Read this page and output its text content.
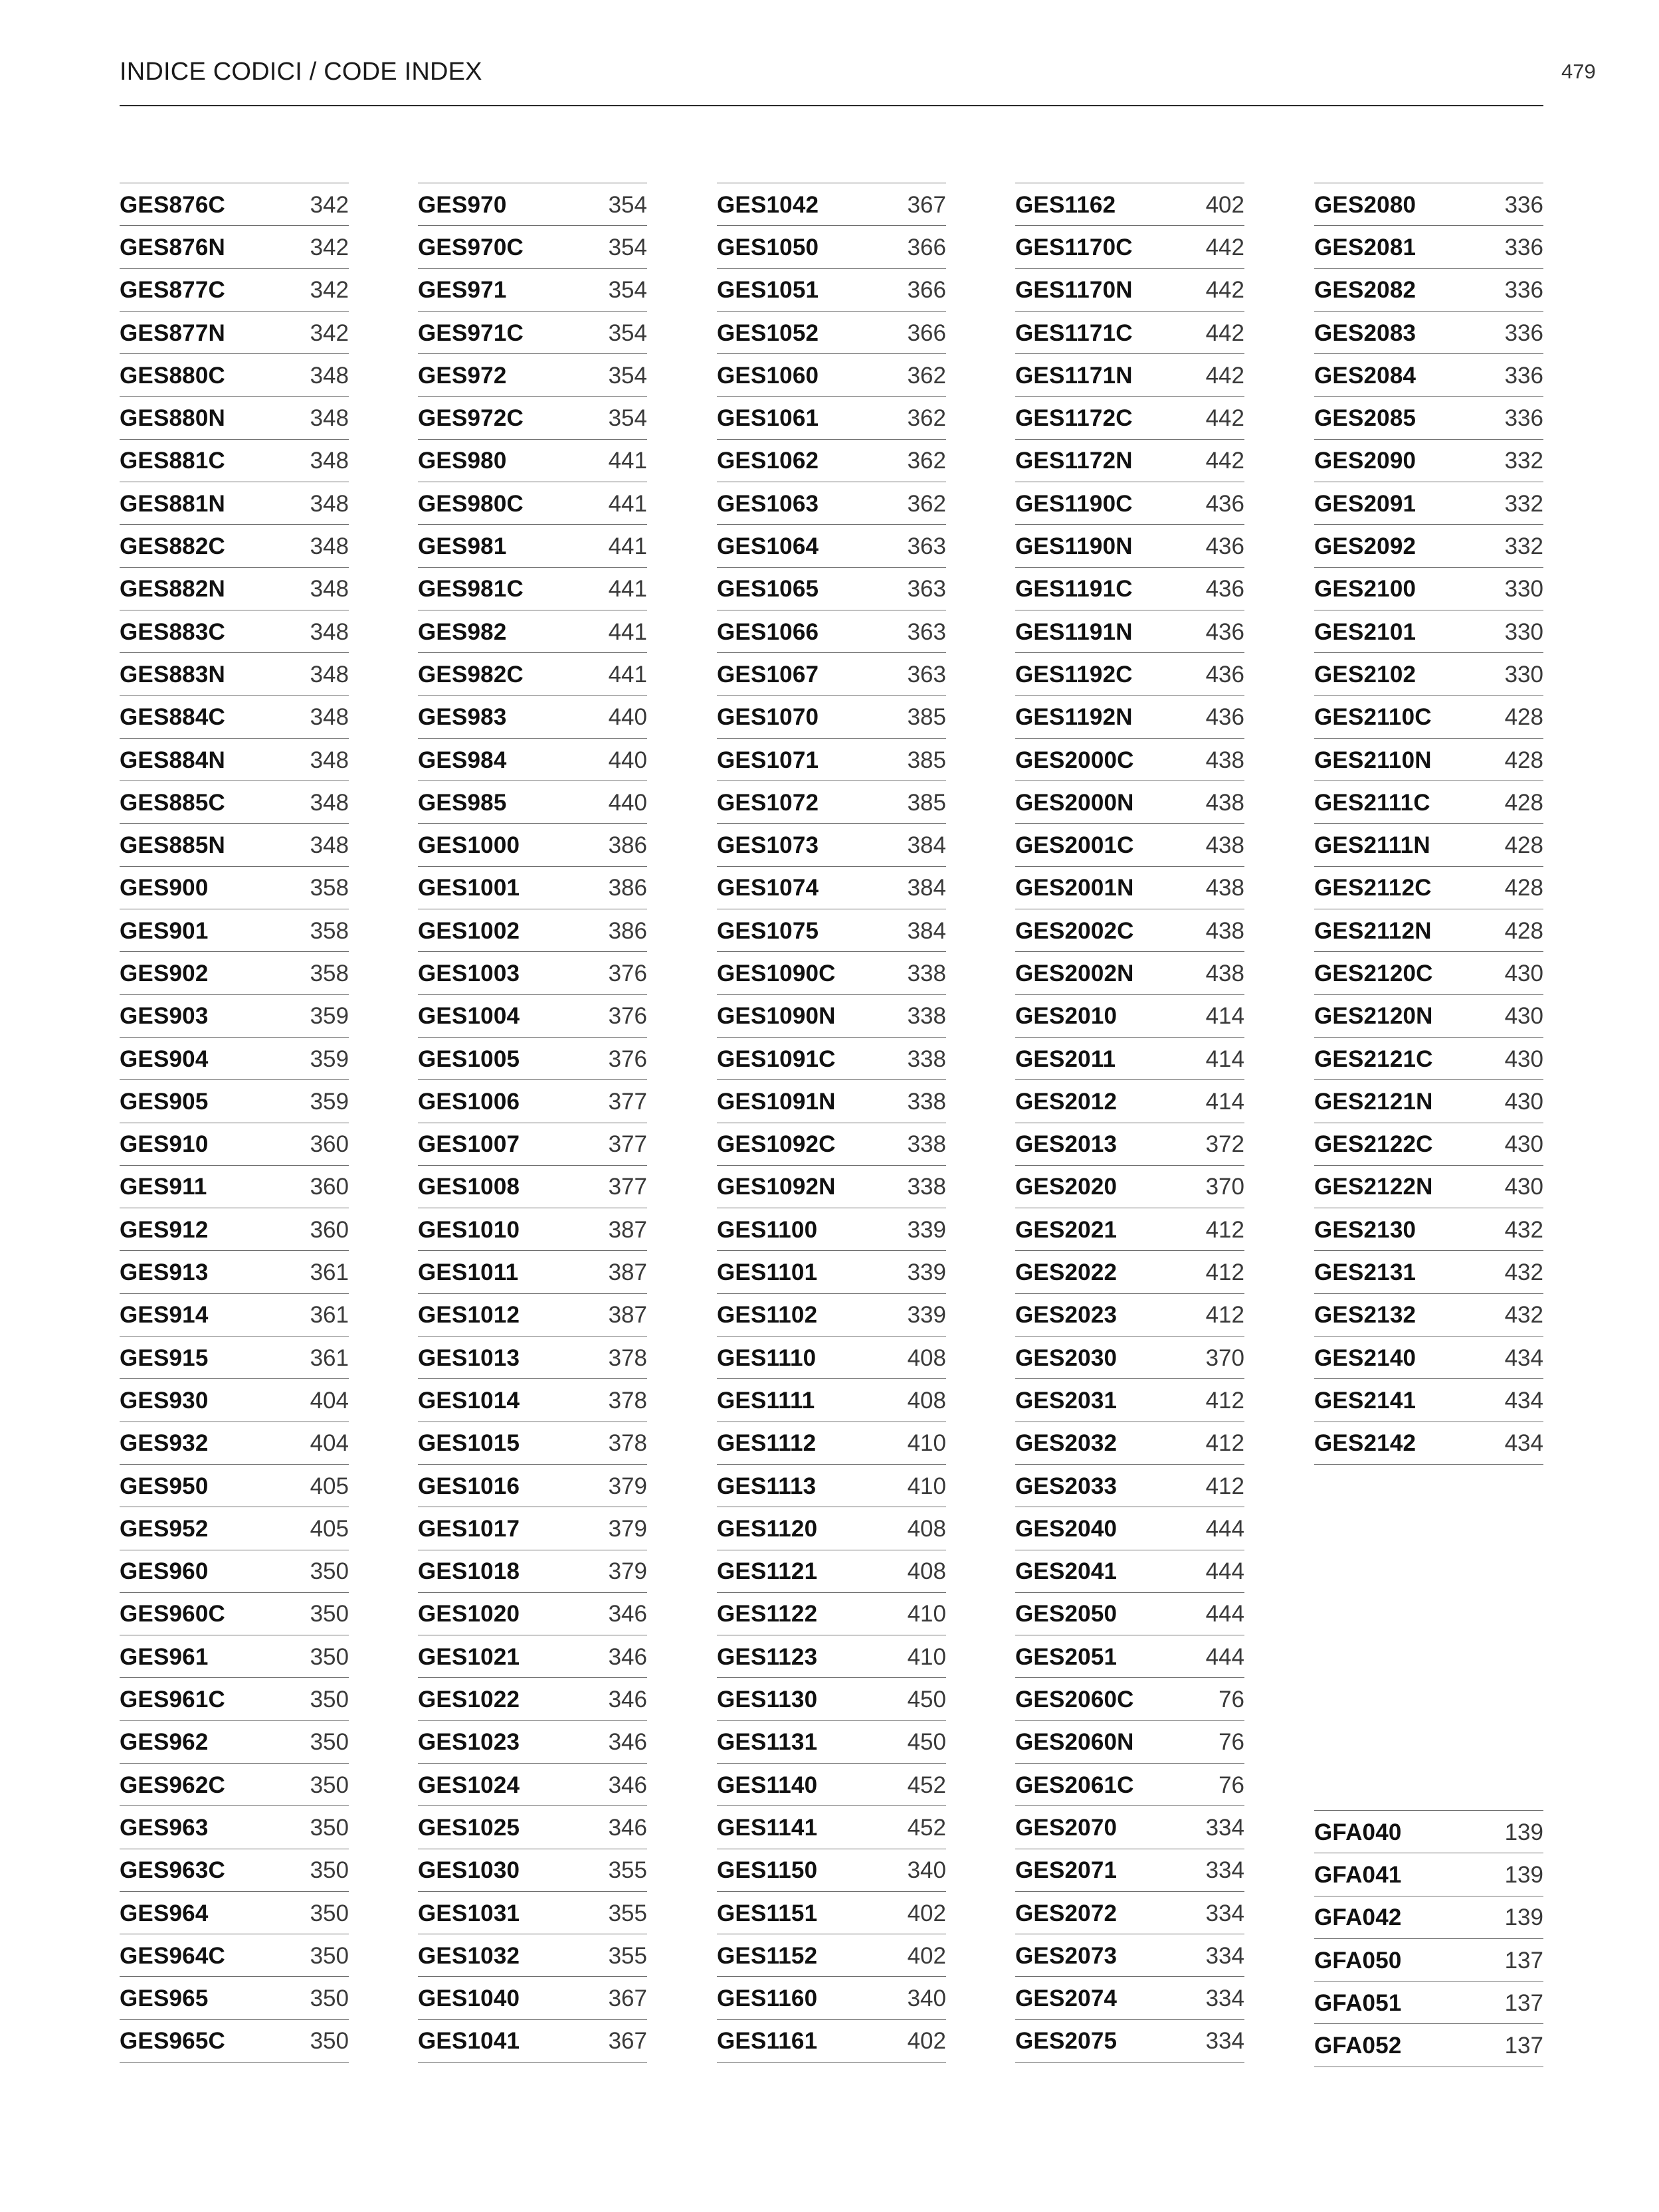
INDICE CODICI / CODE INDEX	479
GES876C	342
GES876N	342
GES877C	342
GES877N	342
GES880C	348
GES880N	348
GES881C	348
GES881N	348
GES882C	348
GES882N	348
GES883C	348
GES883N	348
GES884C	348
GES884N	348
GES885C	348
GES885N	348
GES900	358
GES901	358
GES902	358
GES903	359
GES904	359
GES905	359
GES910	360
GES911	360
GES912	360
GES913	361
GES914	361
GES915	361
GES930	404
GES932	404
GES950	405
GES952	405
GES960	350
GES960C	350
GES961	350
GES961C	350
GES962	350
GES962C	350
GES963	350
GES963C	350
GES964	350
GES964C	350
GES965	350
GES965C	350
GES970	354
GES970C	354
GES971	354
GES971C	354
GES972	354
GES972C	354
GES980	441
GES980C	441
GES981	441
GES981C	441
GES982	441
GES982C	441
GES983	440
GES984	440
GES985	440
GES1000	386
GES1001	386
GES1002	386
GES1003	376
GES1004	376
GES1005	376
GES1006	377
GES1007	377
GES1008	377
GES1010	387
GES1011	387
GES1012	387
GES1013	378
GES1014	378
GES1015	378
GES1016	379
GES1017	379
GES1018	379
GES1020	346
GES1021	346
GES1022	346
GES1023	346
GES1024	346
GES1025	346
GES1030	355
GES1031	355
GES1032	355
GES1040	367
GES1041	367
GES1042	367
GES1050	366
GES1051	366
GES1052	366
GES1060	362
GES1061	362
GES1062	362
GES1063	362
GES1064	363
GES1065	363
GES1066	363
GES1067	363
GES1070	385
GES1071	385
GES1072	385
GES1073	384
GES1074	384
GES1075	384
GES1090C	338
GES1090N	338
GES1091C	338
GES1091N	338
GES1092C	338
GES1092N	338
GES1100	339
GES1101	339
GES1102	339
GES1110	408
GES1111	408
GES1112	410
GES1113	410
GES1120	408
GES1121	408
GES1122	410
GES1123	410
GES1130	450
GES1131	450
GES1140	452
GES1141	452
GES1150	340
GES1151	402
GES1152	402
GES1160	340
GES1161	402
GES1162	402
GES1170C	442
GES1170N	442
GES1171C	442
GES1171N	442
GES1172C	442
GES1172N	442
GES1190C	436
GES1190N	436
GES1191C	436
GES1191N	436
GES1192C	436
GES1192N	436
GES2000C	438
GES2000N	438
GES2001C	438
GES2001N	438
GES2002C	438
GES2002N	438
GES2010	414
GES2011	414
GES2012	414
GES2013	372
GES2020	370
GES2021	412
GES2022	412
GES2023	412
GES2030	370
GES2031	412
GES2032	412
GES2033	412
GES2040	444
GES2041	444
GES2050	444
GES2051	444
GES2060C	76
GES2060N	76
GES2061C	76
GES2070	334
GES2071	334
GES2072	334
GES2073	334
GES2074	334
GES2075	334
GES2080	336
GES2081	336
GES2082	336
GES2083	336
GES2084	336
GES2085	336
GES2090	332
GES2091	332
GES2092	332
GES2100	330
GES2101	330
GES2102	330
GES2110C	428
GES2110N	428
GES2111C	428
GES2111N	428
GES2112C	428
GES2112N	428
GES2120C	430
GES2120N	430
GES2121C	430
GES2121N	430
GES2122C	430
GES2122N	430
GES2130	432
GES2131	432
GES2132	432
GES2140	434
GES2141	434
GES2142	434
GFA040	139
GFA041	139
GFA042	139
GFA050	137
GFA051	137
GFA052	137
